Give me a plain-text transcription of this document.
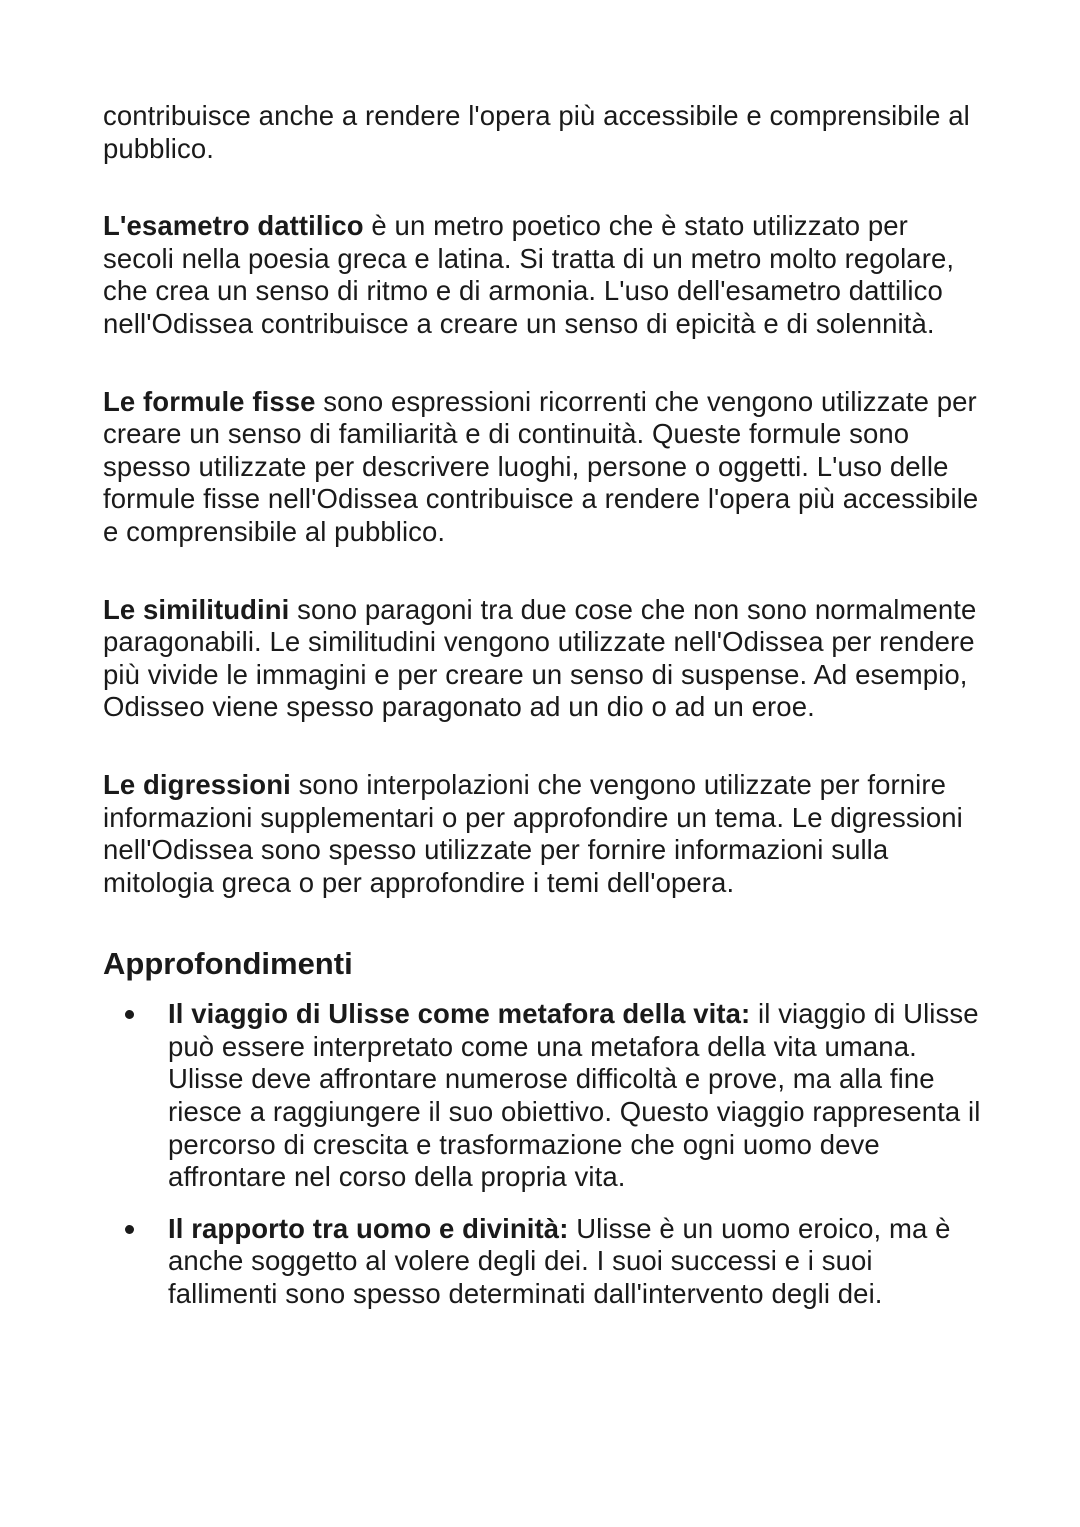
contribuisce anche a rendere l'opera più accessibile e comprensibile al pubblico.

L'esametro dattilico è un metro poetico che è stato utilizzato per secoli nella poesia greca e latina. Si tratta di un metro molto regolare, che crea un senso di ritmo e di armonia. L'uso dell'esametro dattilico nell'Odissea contribuisce a creare un senso di epicità e di solennità.

Le formule fisse sono espressioni ricorrenti che vengono utilizzate per creare un senso di familiarità e di continuità. Queste formule sono spesso utilizzate per descrivere luoghi, persone o oggetti. L'uso delle formule fisse nell'Odissea contribuisce a rendere l'opera più accessibile e comprensibile al pubblico.

Le similitudini sono paragoni tra due cose che non sono normalmente paragonabili. Le similitudini vengono utilizzate nell'Odissea per rendere più vivide le immagini e per creare un senso di suspense. Ad esempio, Odisseo viene spesso paragonato ad un dio o ad un eroe.

Le digressioni sono interpolazioni che vengono utilizzate per fornire informazioni supplementari o per approfondire un tema. Le digressioni nell'Odissea sono spesso utilizzate per fornire informazioni sulla mitologia greca o per approfondire i temi dell'opera.

Approfondimenti
Il viaggio di Ulisse come metafora della vita: il viaggio di Ulisse può essere interpretato come una metafora della vita umana. Ulisse deve affrontare numerose difficoltà e prove, ma alla fine riesce a raggiungere il suo obiettivo. Questo viaggio rappresenta il percorso di crescita e trasformazione che ogni uomo deve affrontare nel corso della propria vita.
Il rapporto tra uomo e divinità: Ulisse è un uomo eroico, ma è anche soggetto al volere degli dei. I suoi successi e i suoi fallimenti sono spesso determinati dall'intervento degli dei.
